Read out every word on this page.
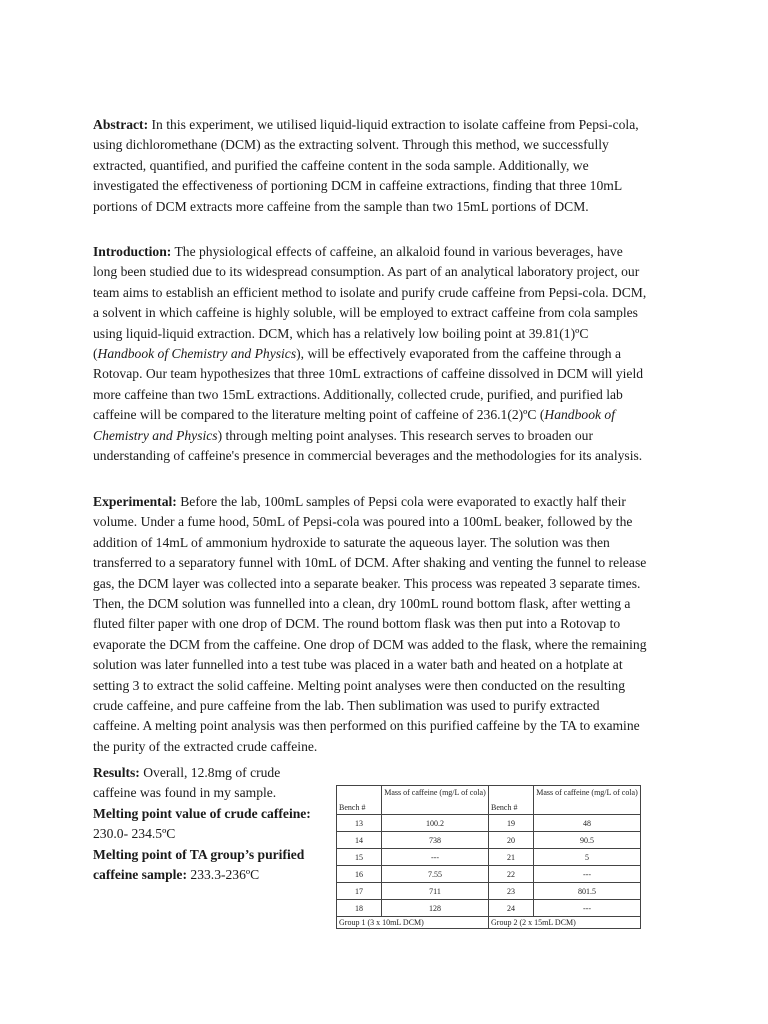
Abstract: In this experiment, we utilised liquid-liquid extraction to isolate caffeine from Pepsi-cola, using dichloromethane (DCM) as the extracting solvent. Through this method, we successfully extracted, quantified, and purified the caffeine content in the soda sample. Additionally, we investigated the effectiveness of portioning DCM in caffeine extractions, finding that three 10mL portions of DCM extracts more caffeine from the sample than two 15mL portions of DCM.

Introduction: The physiological effects of caffeine, an alkaloid found in various beverages, have long been studied due to its widespread consumption. As part of an analytical laboratory project, our team aims to establish an efficient method to isolate and purify crude caffeine from Pepsi-cola. DCM, a solvent in which caffeine is highly soluble, will be employed to extract caffeine from cola samples using liquid-liquid extraction. DCM, which has a relatively low boiling point at 39.81(1)ºC (Handbook of Chemistry and Physics), will be effectively evaporated from the caffeine through a Rotovap. Our team hypothesizes that three 10mL extractions of caffeine dissolved in DCM will yield more caffeine than two 15mL extractions. Additionally, collected crude, purified, and purified lab caffeine will be compared to the literature melting point of caffeine of 236.1(2)ºC (Handbook of Chemistry and Physics) through melting point analyses. This research serves to broaden our understanding of caffeine's presence in commercial beverages and the methodologies for its analysis.

Experimental: Before the lab, 100mL samples of Pepsi cola were evaporated to exactly half their volume. Under a fume hood, 50mL of Pepsi-cola was poured into a 100mL beaker, followed by the addition of 14mL of ammonium hydroxide to saturate the aqueous layer. The solution was then transferred to a separatory funnel with 10mL of DCM. After shaking and venting the funnel to release gas, the DCM layer was collected into a separate beaker. This process was repeated 3 separate times. Then, the DCM solution was funnelled into a clean, dry 100mL round bottom flask, after wetting a fluted filter paper with one drop of DCM. The round bottom flask was then put into a Rotovap to evaporate the DCM from the caffeine. One drop of DCM was added to the flask, where the remaining solution was later funnelled into a test tube was placed in a water bath and heated on a hotplate at setting 3 to extract the solid caffeine. Melting point analyses were then conducted on the resulting crude caffeine, and pure caffeine from the lab. Then sublimation was used to purify extracted caffeine. A melting point analysis was then performed on this purified caffeine by the TA to examine the purity of the extracted crude caffeine.

Results: Overall, 12.8mg of crude caffeine was found in my sample.
Melting point value of crude caffeine:
230.0- 234.5ºC
Melting point of TA group’s purified caffeine sample: 233.3-236ºC
Bench #	Mass of caffeine (mg/L of cola)	Bench #	Mass of caffeine (mg/L of cola)
13	100.2	19	48
14	738	20	90.5
15	---	21	5
16	7.55	22	---
17	711	23	801.5
18	128	24	---
Group 1 (3 x 10mL DCM)		Group 2 (2 x 15mL DCM)	
